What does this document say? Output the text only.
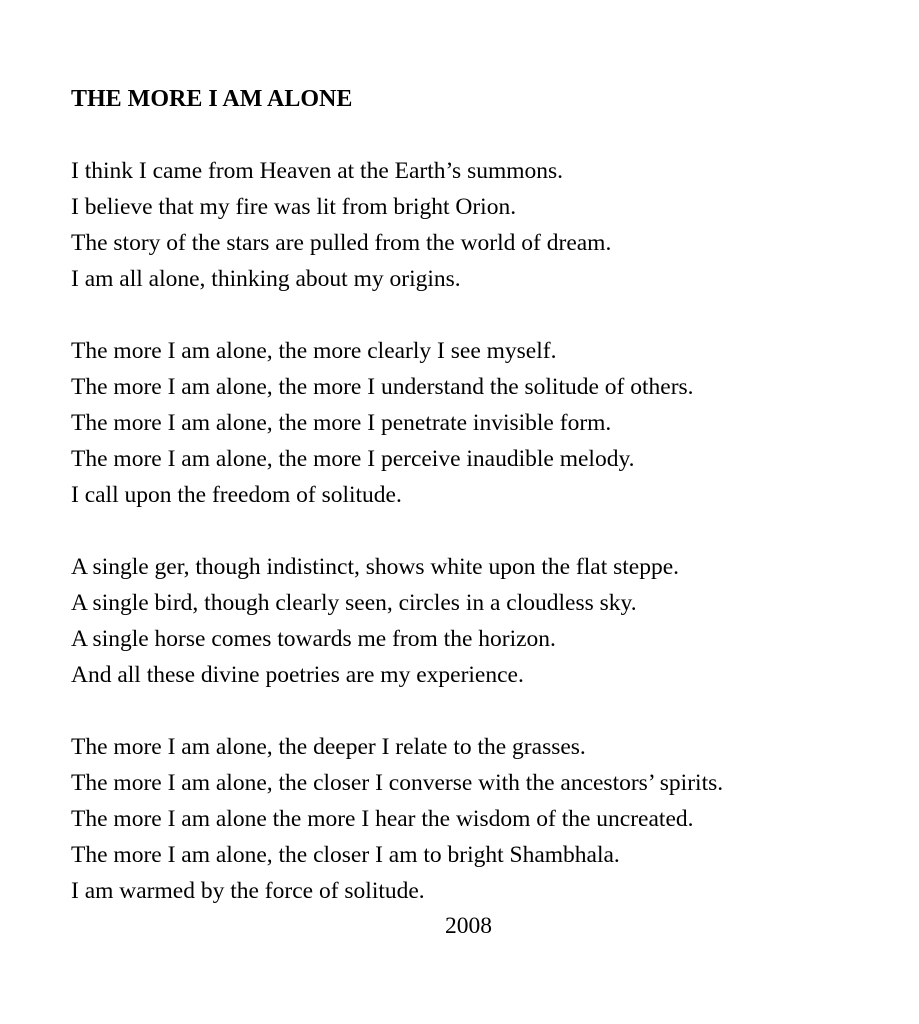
THE MORE I AM ALONE
I think I came from Heaven at the Earth’s summons.
I believe that my fire was lit from bright Orion.
The story of the stars are pulled from the world of dream.
I am all alone, thinking about my origins.
The more I am alone, the more clearly I see myself.
The more I am alone, the more I understand the solitude of others.
The more I am alone, the more I penetrate invisible form.
The more I am alone, the more I perceive inaudible melody.
I call upon the freedom of solitude.
A single ger, though indistinct, shows white upon the flat steppe.
A single bird, though clearly seen, circles in a cloudless sky.
A single horse comes towards me from the horizon.
And all these divine poetries are my experience.
The more I am alone, the deeper I relate to the grasses.
The more I am alone, the closer I converse with the ancestors’ spirits.
The more I am alone the more I hear the wisdom of the uncreated.
The more I am alone, the closer I am to bright Shambhala.
I am warmed by the force of solitude.
2008
